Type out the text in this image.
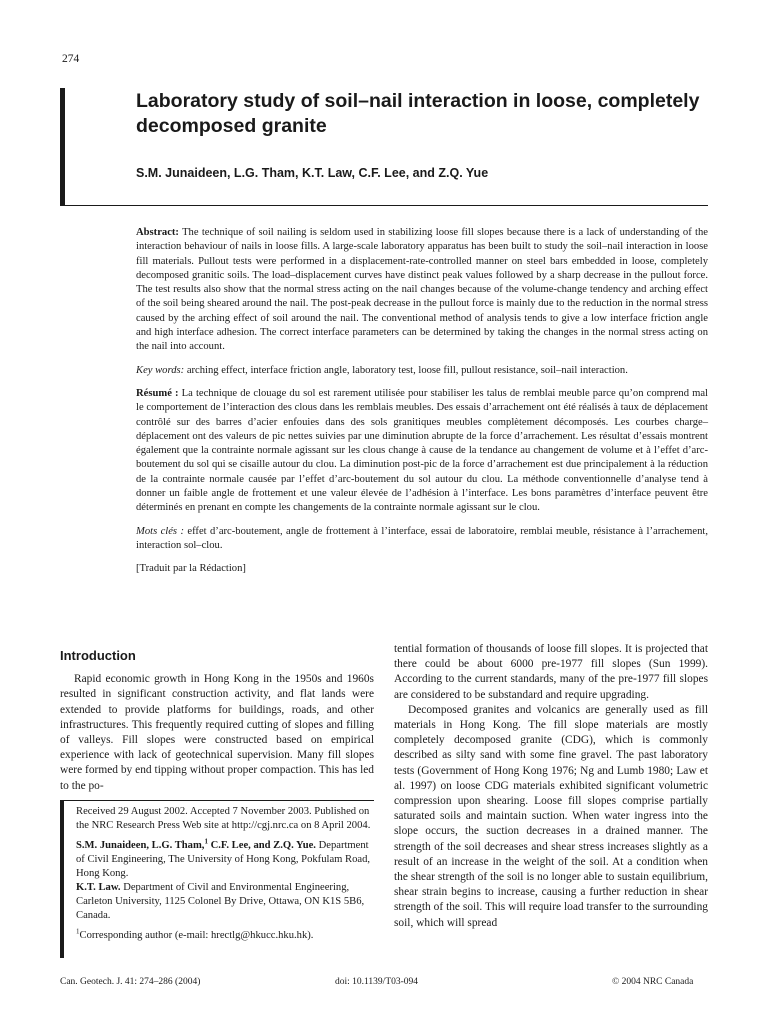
274
Laboratory study of soil–nail interaction in loose, completely decomposed granite

S.M. Junaideen, L.G. Tham, K.T. Law, C.F. Lee, and Z.Q. Yue

Abstract: The technique of soil nailing is seldom used in stabilizing loose fill slopes because there is a lack of understanding of the interaction behaviour of nails in loose fills. A large-scale laboratory apparatus has been built to study the soil–nail interaction in loose fill materials. Pullout tests were performed in a displacement-rate-controlled manner on steel bars embedded in loose, completely decomposed granitic soils. The load–displacement curves have distinct peak values followed by a sharp decrease in the pullout force. The test results also show that the normal stress acting on the nail changes because of the volume-change tendency and arching effect of the soil being sheared around the nail. The post-peak decrease in the pullout force is mainly due to the reduction in the normal stress caused by the arching effect of soil around the nail. The conventional method of analysis tends to give a low interface friction angle and high interface adhesion. The correct interface parameters can be determined by taking the changes in the normal stress acting on the nail into account.

Key words: arching effect, interface friction angle, laboratory test, loose fill, pullout resistance, soil–nail interaction.

Résumé : La technique de clouage du sol est rarement utilisée pour stabiliser les talus de remblai meuble parce qu’on comprend mal le comportement de l’interaction des clous dans les remblais meubles. Des essais d’arrachement ont été réalisés à taux de déplacement contrôlé sur des barres d’acier enfouies dans des sols granitiques meubles complètement décomposés. Les courbes charge–déplacement ont des valeurs de pic nettes suivies par une diminution abrupte de la force d’arrachement. Les résultat d’essais montrent également que la contrainte normale agissant sur les clous change à cause de la tendance au changement de volume et à l’effet d’arc-boutement du sol qui se cisaille autour du clou. La diminution post-pic de la force d’arrachement est due principalement à la réduction de la contrainte normale causée par l’effet d’arc-boutement du sol autour du clou. La méthode conventionnelle d’analyse tend à donner un faible angle de frottement et une valeur élevée de l’adhésion à l’interface. Les bons paramètres d’interface peuvent être déterminés en prenant en compte les changements de la contrainte normale agissant sur le clou.

Mots clés : effet d’arc-boutement, angle de frottement à l’interface, essai de laboratoire, remblai meuble, résistance à l’arrachement, interaction sol–clou.

[Traduit par la Rédaction]

Introduction

Rapid economic growth in Hong Kong in the 1950s and 1960s resulted in significant construction activity, and flat lands were extended to provide platforms for buildings, roads, and other infrastructures. This frequently required cutting of slopes and filling of valleys. Fill slopes were constructed based on empirical experience with lack of geotechnical supervision. Many fill slopes were formed by end tipping without proper compaction. This has led to the po-

Received 29 August 2002. Accepted 7 November 2003. Published on the NRC Research Press Web site at http://cgj.nrc.ca on 8 April 2004.

S.M. Junaideen, L.G. Tham,$^1$ C.F. Lee, and Z.Q. Yue. Department of Civil Engineering, The University of Hong Kong, Pokfulam Road, Hong Kong.
K.T. Law. Department of Civil and Environmental Engineering, Carleton University, 1125 Colonel By Drive, Ottawa, ON K1S 5B6, Canada.

$^1$Corresponding author (e-mail: hrectlg@hkucc.hku.hk).

tential formation of thousands of loose fill slopes. It is projected that there could be about 6000 pre-1977 fill slopes (Sun 1999). According to the current standards, many of the pre-1977 fill slopes are considered to be substandard and require upgrading.

Decomposed granites and volcanics are generally used as fill materials in Hong Kong. The fill slope materials are mostly completely decomposed granite (CDG), which is commonly described as silty sand with some fine gravel. The past laboratory tests (Government of Hong Kong 1976; Ng and Lumb 1980; Law et al. 1997) on loose CDG materials exhibited significant volumetric compression upon shearing. Loose fill slopes comprise partially saturated soils and maintain suction. When water ingress into the slope occurs, the suction decreases in a drained manner. The strength of the soil decreases and shear stress increases slightly as a result of an increase in the weight of the soil. At a condition when the shear strength of the soil is no longer able to sustain equilibrium, shear strain begins to increase, causing a further reduction in shear strength of the soil. This will require load transfer to the surrounding soil, which will spread

Can. Geotech. J. 41: 274–286 (2004)	doi: 10.1139/T03-094	© 2004 NRC Canada
